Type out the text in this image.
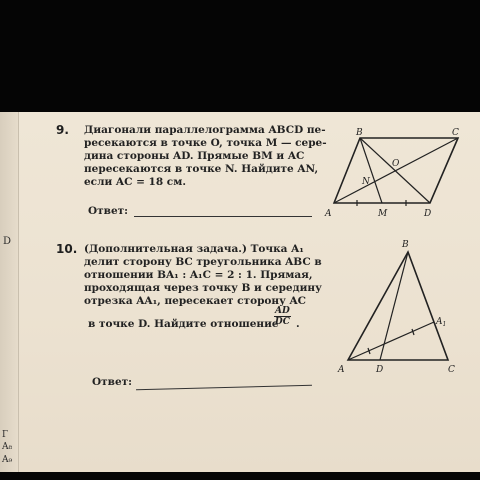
D
Г
A₈
A₉
9. Диагонали параллелограмма ABCD пе-
ресекаются в точке O, точка M — сере-
дина стороны AD. Прямые BM и AC
пересекаются в точке N. Найдите AN,
если AC = 18 см.
Ответ:	A
B	C
D
M
N
O
10. (Дополнительная задача.) Точка A₁
делит сторону BC треугольника ABC в
отношении BA₁ : A₁C = 2 : 1. Прямая,
проходящая через точку B и середину
отрезка AA₁, пересекает сторону AC
в точке D. Найдите отношение
$\frac{AD}{DC}$ .
Ответ:
A
B
C
D
$A_1$
